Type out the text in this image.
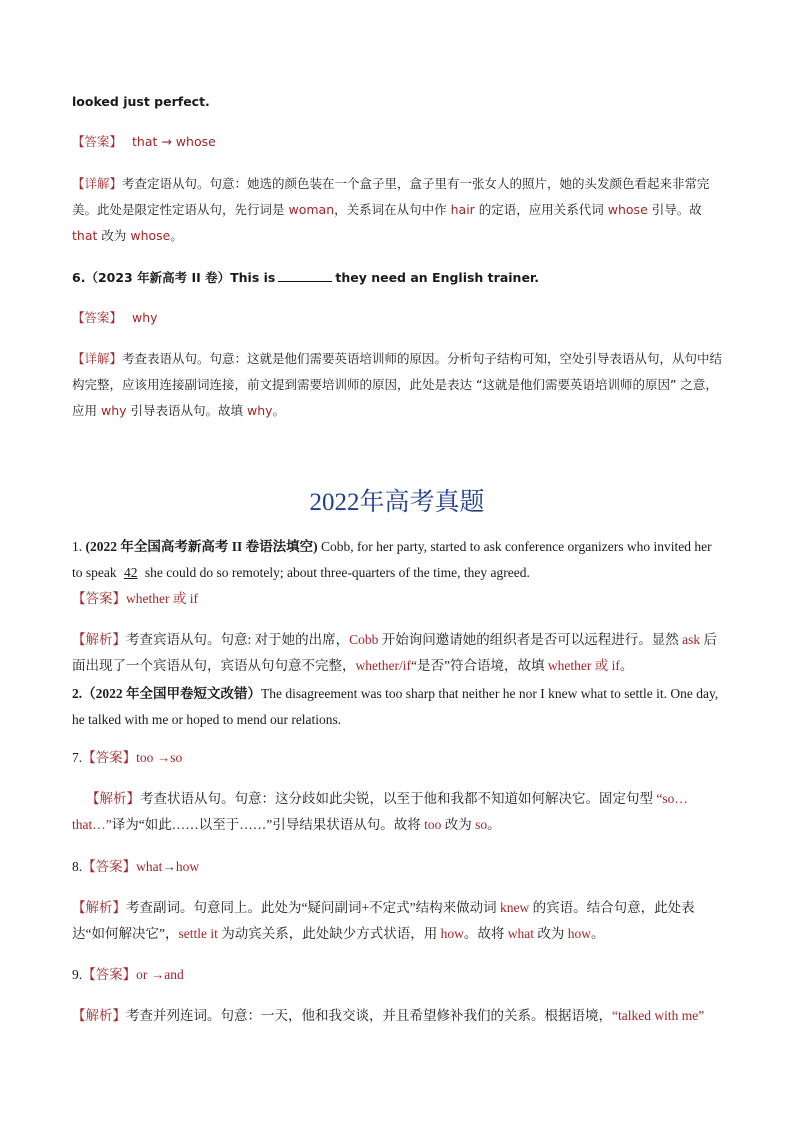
looked just perfect.
【答案】 that → whose
【详解】考查定语从句。句意：她选的颜色装在一个盒子里，盒子里有一张女人的照片，她的头发颜色看起来非常完美。此处是限定性定语从句，先行词是 woman，关系词在从句中作 hair 的定语，应用关系代词 whose 引导。故 that 改为 whose。
6.（2023 年新高考 II 卷）This is	they need an English trainer.
【答案】 why
【详解】考查表语从句。句意：这就是他们需要英语培训师的原因。分析句子结构可知，空处引导表语从句，从句中结构完整，应该用连接副词连接，前文提到需要培训师的原因，此处是表达 “这就是他们需要英语培训师的原因” 之意，应用 why 引导表语从句。故填 why。
2022年高考真题
1. (2022 年全国高考新高考 II 卷语法填空) Cobb, for her party, started to ask conference organizers who invited her to speak 42 she could do so remotely; about three-quarters of the time, they agreed.
【答案】whether 或 if
【解析】考查宾语从句。句意: 对于她的出席，Cobb 开始询问邀请她的组织者是否可以远程进行。显然 ask 后面出现了一个宾语从句，宾语从句句意不完整，whether/if“是否”符合语境，故填 whether 或 if。
2.（2022 年全国甲卷短文改错）The disagreement was too sharp that neither he nor I knew what to settle it. One day, he talked with me or hoped to mend our relations.
7.【答案】too →so
【解析】考查状语从句。句意：这分歧如此尖锐，以至于他和我都不知道如何解决它。固定句型 “so…that…”译为“如此……以至于……”引导结果状语从句。故将 too 改为 so。
8.【答案】what→how
【解析】考查副词。句意同上。此处为“疑问副词+不定式”结构来做动词 knew 的宾语。结合句意，此处表达“如何解决它”，settle it 为动宾关系，此处缺少方式状语，用 how。故将 what 改为 how。
9.【答案】or →and
【解析】考查并列连词。句意：一天，他和我交谈，并且希望修补我们的关系。根据语境，“talked with me”
